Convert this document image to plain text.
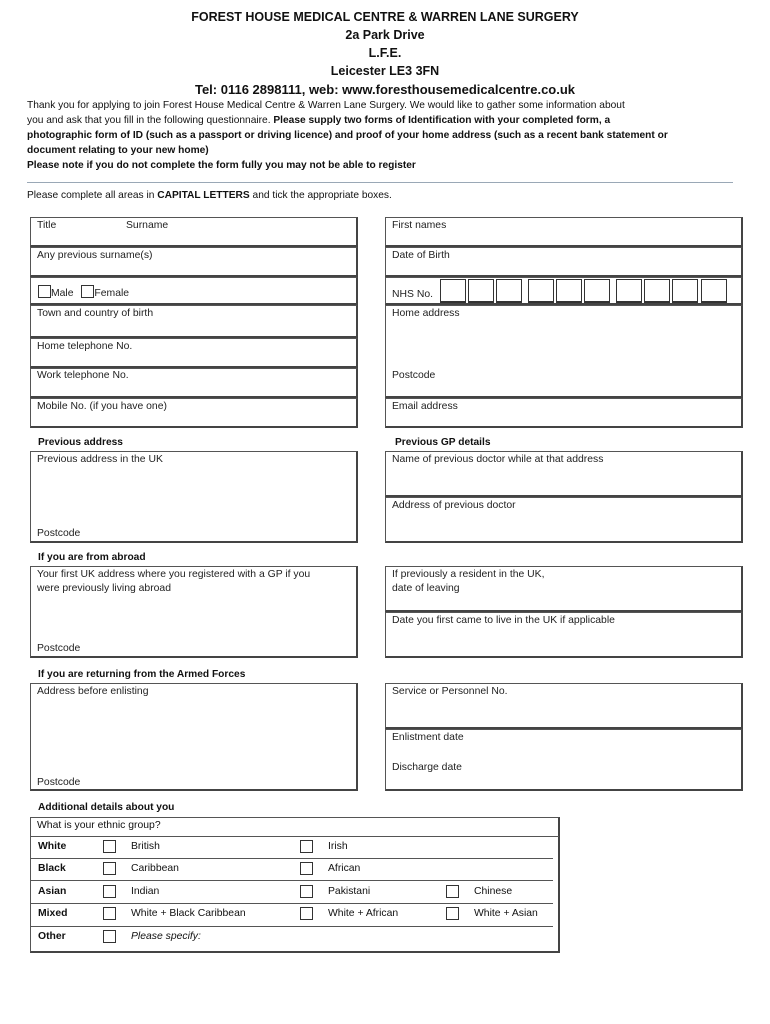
FOREST HOUSE MEDICAL CENTRE & WARREN LANE SURGERY
2a Park Drive
L.F.E.
Leicester LE3 3FN
Tel: 0116 2898111, web: www.foresthousemedicalcentre.co.uk
Thank you for applying to join Forest House Medical Centre & Warren Lane Surgery. We would like to gather some information about
you and ask that you fill in the following questionnaire. Please supply two forms of Identification with your completed form, a
photographic form of ID (such as a passport or driving licence) and proof of your home address (such as a recent bank statement or
document relating to your new home)
Please note if you do not complete the form fully you may not be able to register
Please complete all areas in CAPITAL LETTERS and tick the appropriate boxes.
Title	Surname
Any previous surname(s)
Male Female
Town and country of birth
Home telephone No.
Work telephone No.
Mobile No. (if you have one)
First names
Date of Birth
NHS No.
Home address
Postcode
Email address
Previous address	Previous GP details
Previous address in the UK
Postcode
Name of previous doctor while at that address
Address of previous doctor
If you are from abroad
Your first UK address where you registered with a GP if you
were previously living abroad
Postcode
If previously a resident in the UK,
date of leaving
Date you first came to live in the UK if applicable
If you are returning from the Armed Forces
Address before enlisting
Postcode
Service or Personnel No.
Enlistment date
Discharge date
Additional details about you
What is your ethnic group?
White	British	Irish
Black	Caribbean	African
Asian	Indian	Pakistani	Chinese
Mixed	White + Black Caribbean	White + African	White + Asian
Other	Please specify:
